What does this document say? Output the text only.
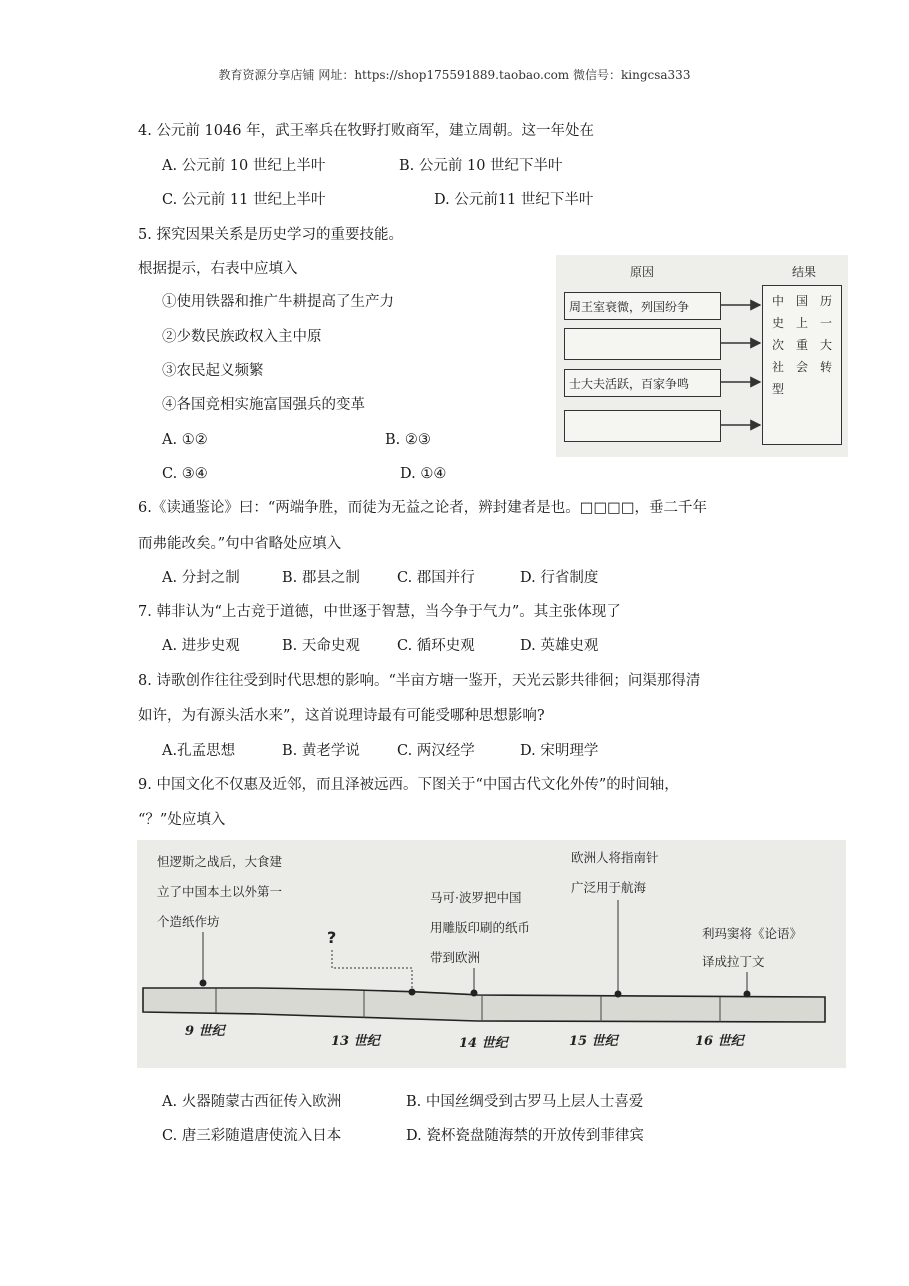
教育资源分享店铺 网址：https://shop175591889.taobao.com 微信号：kingcsa333
4. 公元前 1046 年，武王率兵在牧野打败商军，建立周朝。这一年处在
A. 公元前 10 世纪上半叶	B. 公元前 10 世纪下半叶
C. 公元前 11 世纪上半叶	D. 公元前11 世纪下半叶
5. 探究因果关系是历史学习的重要技能。
根据提示，右表中应填入
①使用铁器和推广牛耕提高了生产力
②少数民族政权入主中原
③农民起义频繁
④各国竞相实施富国强兵的变革
A. ①②	B. ②③
C. ③④	D. ①④
原因	结果
周王室衰微，列国纷争
士大夫活跃，百家争鸣
中史次社型
国上重会
历一大转
6.《读通鉴论》曰：“两端争胜，而徒为无益之论者，辨封建者是也。□□□□，垂二千年
而弗能改矣。”句中省略处应填入
A. 分封之制	B. 郡县之制	C. 郡国并行	D. 行省制度
7. 韩非认为“上古竞于道德，中世逐于智慧，当今争于气力”。其主张体现了
A. 进步史观	B. 天命史观	C. 循环史观	D. 英雄史观
8. 诗歌创作往往受到时代思想的影响。“半亩方塘一鉴开，天光云影共徘徊；问渠那得清
如许，为有源头活水来”，这首说理诗最有可能受哪种思想影响?
A.孔孟思想	B. 黄老学说	C. 两汉经学	D. 宋明理学
9. 中国文化不仅惠及近邻，而且泽被远西。下图关于“中国古代文化外传”的时间轴，
“？”处应填入
怛逻斯之战后，大食建
立了中国本土以外第一
个造纸作坊
马可·波罗把中国
用雕版印刷的纸币
带到欧洲
欧洲人将指南针
广泛用于航海
利玛窦将《论语》
译成拉丁文
?
9 世纪
13 世纪	14 世纪	15 世纪	16 世纪
A. 火器随蒙古西征传入欧洲	B. 中国丝绸受到古罗马上层人士喜爱
C. 唐三彩随遣唐使流入日本	D. 瓷杯瓷盘随海禁的开放传到菲律宾
